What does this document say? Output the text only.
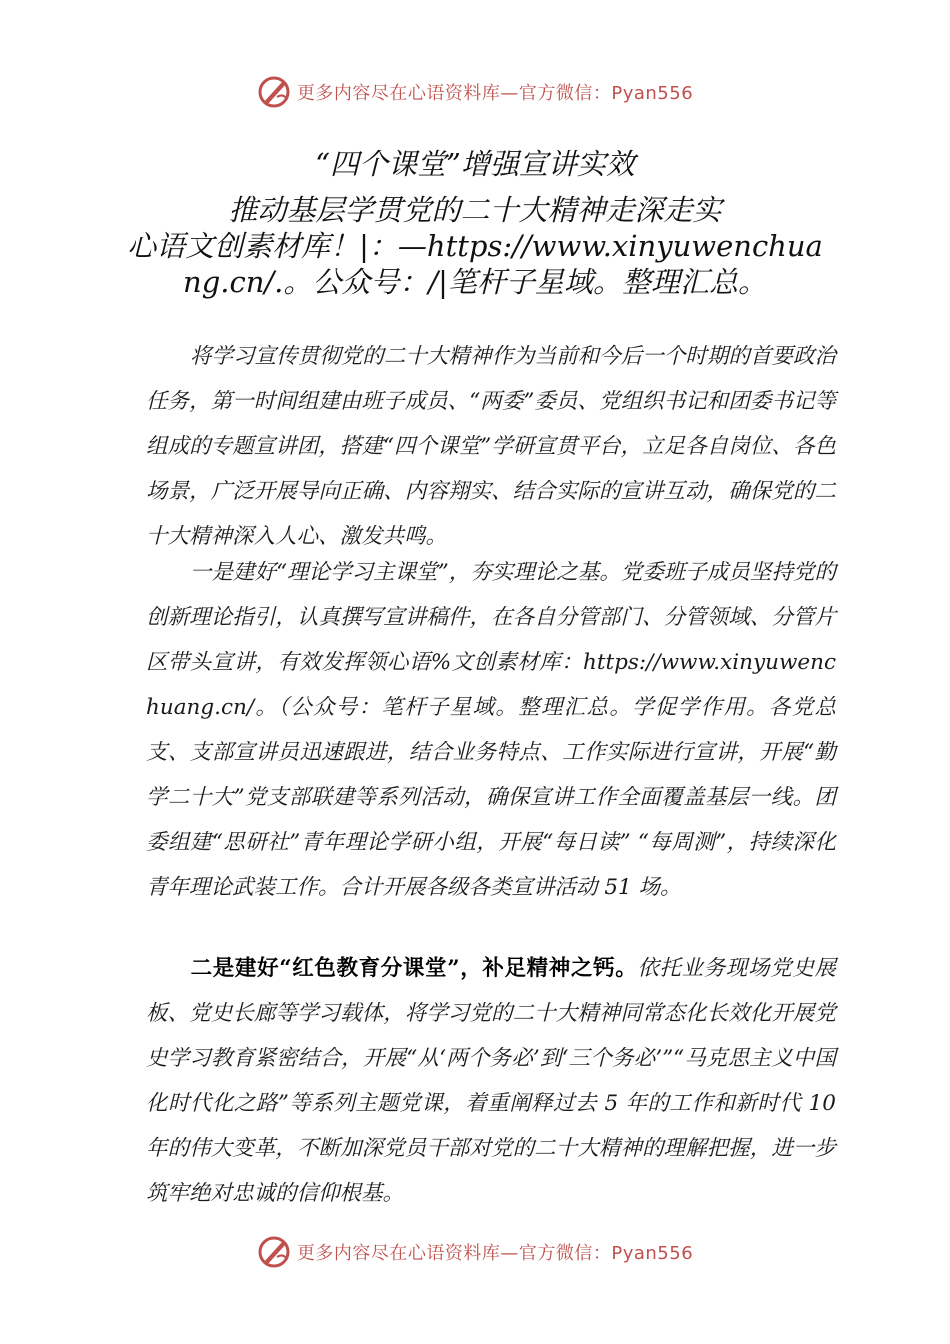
更多内容尽在心语资料库—官方微信：Pyan556
“四个课堂”增强宣讲实效
推动基层学贯党的二十大精神走深走实
心语文创素材库！|：—https://www.xinyuwenchuang.cn/.。公众号：/|笔杆子星域。整理汇总。
将学习宣传贯彻党的二十大精神作为当前和今后一个时期的首要政治任务，第一时间组建由班子成员、“两委”委员、党组织书记和团委书记等组成的专题宣讲团，搭建“四个课堂”学研宣贯平台，立足各自岗位、各色场景，广泛开展导向正确、内容翔实、结合实际的宣讲互动，确保党的二十大精神深入人心、激发共鸣。
一是建好“理论学习主课堂”，夯实理论之基。党委班子成员坚持党的创新理论指引，认真撰写宣讲稿件，在各自分管部门、分管领域、分管片区带头宣讲，有效发挥领心语%文创素材库：https://www.xinyuwenchuang.cn/。（公众号：笔杆子星域。整理汇总。学促学作用。各党总支、支部宣讲员迅速跟进，结合业务特点、工作实际进行宣讲，开展“勤学二十大”党支部联建等系列活动，确保宣讲工作全面覆盖基层一线。团委组建“思研社”青年理论学研小组，开展“每日读” “每周测”，持续深化青年理论武装工作。合计开展各级各类宣讲活动 51 场。
二是建好“红色教育分课堂”，补足精神之钙。依托业务现场党史展板、党史长廊等学习载体，将学习党的二十大精神同常态化长效化开展党史学习教育紧密结合，开展“从‘两个务必’到‘三个务必’”“马克思主义中国化时代化之路”等系列主题党课，着重阐释过去 5 年的工作和新时代 10 年的伟大变革，不断加深党员干部对党的二十大精神的理解把握，进一步筑牢绝对忠诚的信仰根基。
更多内容尽在心语资料库—官方微信：Pyan556
